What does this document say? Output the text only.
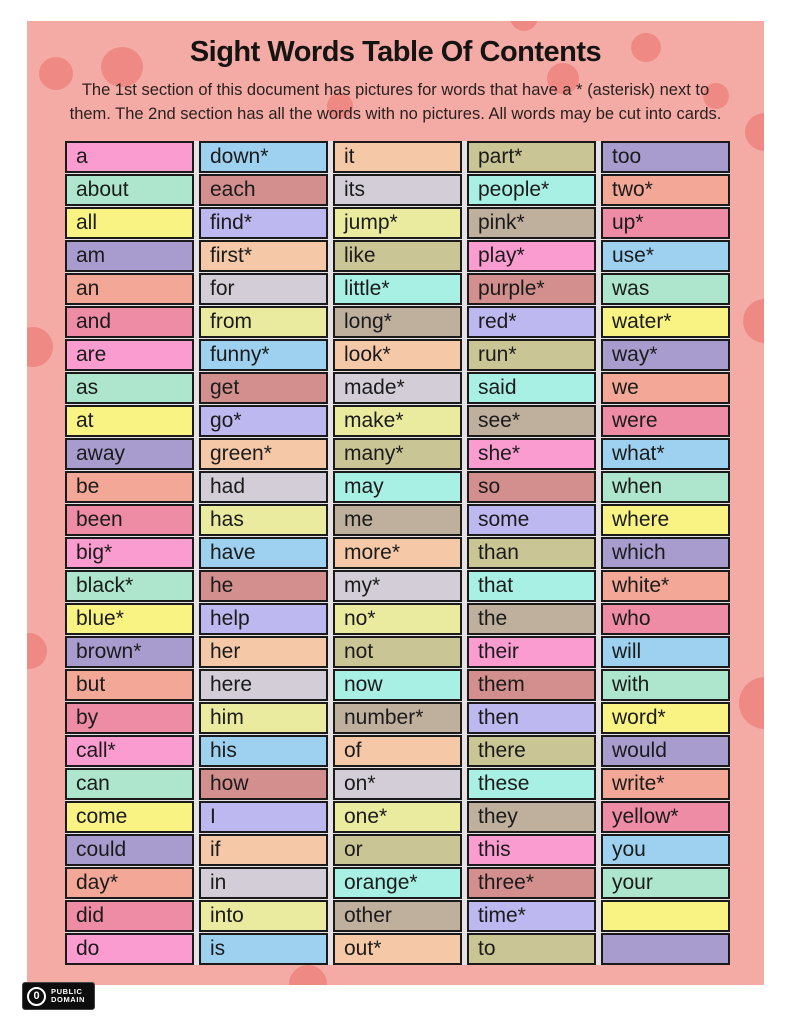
Sight Words Table Of Contents
The 1st section of this document has pictures for words that have a * (asterisk) next to
them. The 2nd section has all the words with no pictures. All words may be cut into cards.
a	down*	it	part*	too
about	each	its	people*	two*
all	find*	jump*	pink*	up*
am	first*	like	play*	use*
an	for	little*	purple*	was
and	from	long*	red*	water*
are	funny*	look*	run*	way*
as	get	made*	said	we
at	go*	make*	see*	were
away	green*	many*	she*	what*
be	had	may	so	when
been	has	me	some	where
big*	have	more*	than	which
black*	he	my*	that	white*
blue*	help	no*	the	who
brown*	her	not	their	will
but	here	now	them	with
by	him	number*	then	word*
call*	his	of	there	would
can	how	on*	these	write*
come	I	one*	they	yellow*
could	if	or	this	you
day*	in	orange*	three*	your
did	into	other	time*
do	is	out*	to
0	PUBLIC
DOMAIN
